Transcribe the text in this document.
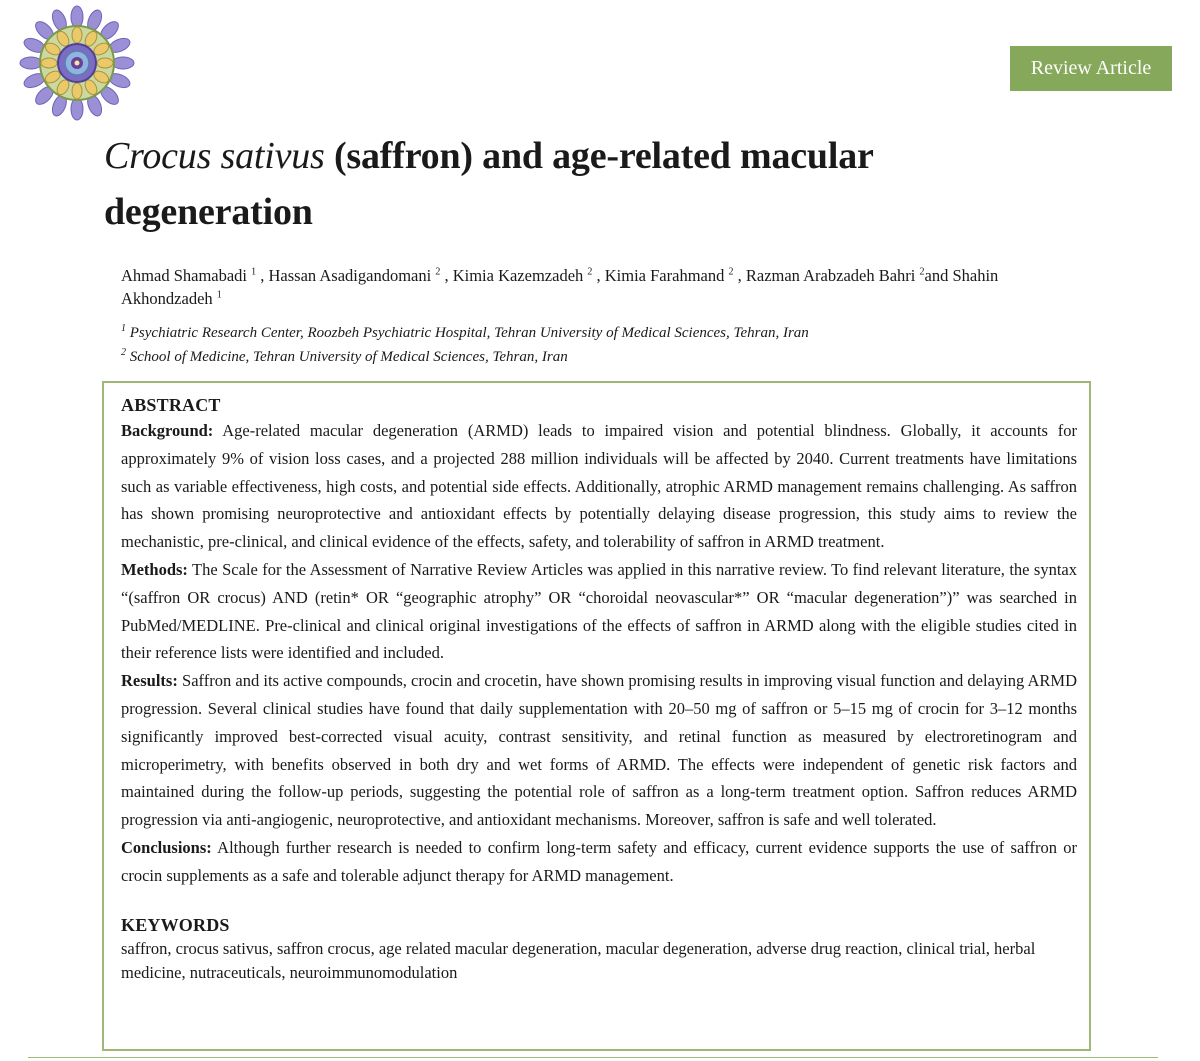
Review Article
Crocus sativus (saffron) and age-related macular
degeneration
Ahmad Shamabadi $^1$ , Hassan Asadigandomani $^2$ , Kimia Kazemzadeh $^2$ , Kimia Farahmand $^2$ , Razman Arabzadeh Bahri $^2$and Shahin Akhondzadeh $^1$
$^1$ Psychiatric Research Center, Roozbeh Psychiatric Hospital, Tehran University of Medical Sciences, Tehran, Iran
$^2$ School of Medicine, Tehran University of Medical Sciences, Tehran, Iran
ABSTRACT

Background: Age-related macular degeneration (ARMD) leads to impaired vision and potential blindness. Globally, it accounts for approximately 9% of vision loss cases, and a projected 288 million individuals will be affected by 2040. Current treatments have limitations such as variable effectiveness, high costs, and potential side effects. Additionally, atrophic ARMD management remains challenging. As saffron has shown promising neuroprotective and antioxidant effects by potentially delaying disease progression, this study aims to review the mechanistic, pre-clinical, and clinical evidence of the effects, safety, and tolerability of saffron in ARMD treatment.

Methods: The Scale for the Assessment of Narrative Review Articles was applied in this narrative review. To find relevant literature, the syntax “(saffron OR crocus) AND (retin* OR “geographic atrophy” OR “choroidal neovascular*” OR “macular degeneration”)” was searched in PubMed/MEDLINE. Pre-clinical and clinical original investigations of the effects of saffron in ARMD along with the eligible studies cited in their reference lists were identified and included.

Results: Saffron and its active compounds, crocin and crocetin, have shown promising results in improving visual function and delaying ARMD progression. Several clinical studies have found that daily supplementation with 20–50 mg of saffron or 5–15 mg of crocin for 3–12 months significantly improved best-corrected visual acuity, contrast sensitivity, and retinal function as measured by electroretinogram and microperimetry, with benefits observed in both dry and wet forms of ARMD. The effects were independent of genetic risk factors and maintained during the follow-up periods, suggesting the potential role of saffron as a long-term treatment option. Saffron reduces ARMD progression via anti-angiogenic, neuroprotective, and antioxidant mechanisms. Moreover, saffron is safe and well tolerated.

Conclusions: Although further research is needed to confirm long-term safety and efficacy, current evidence supports the use of saffron or crocin supplements as a safe and tolerable adjunct therapy for ARMD management.

KEYWORDS
saffron, crocus sativus, saffron crocus, age related macular degeneration, macular degeneration, adverse drug reaction, clinical trial, herbal medicine, nutraceuticals, neuroimmunomodulation
